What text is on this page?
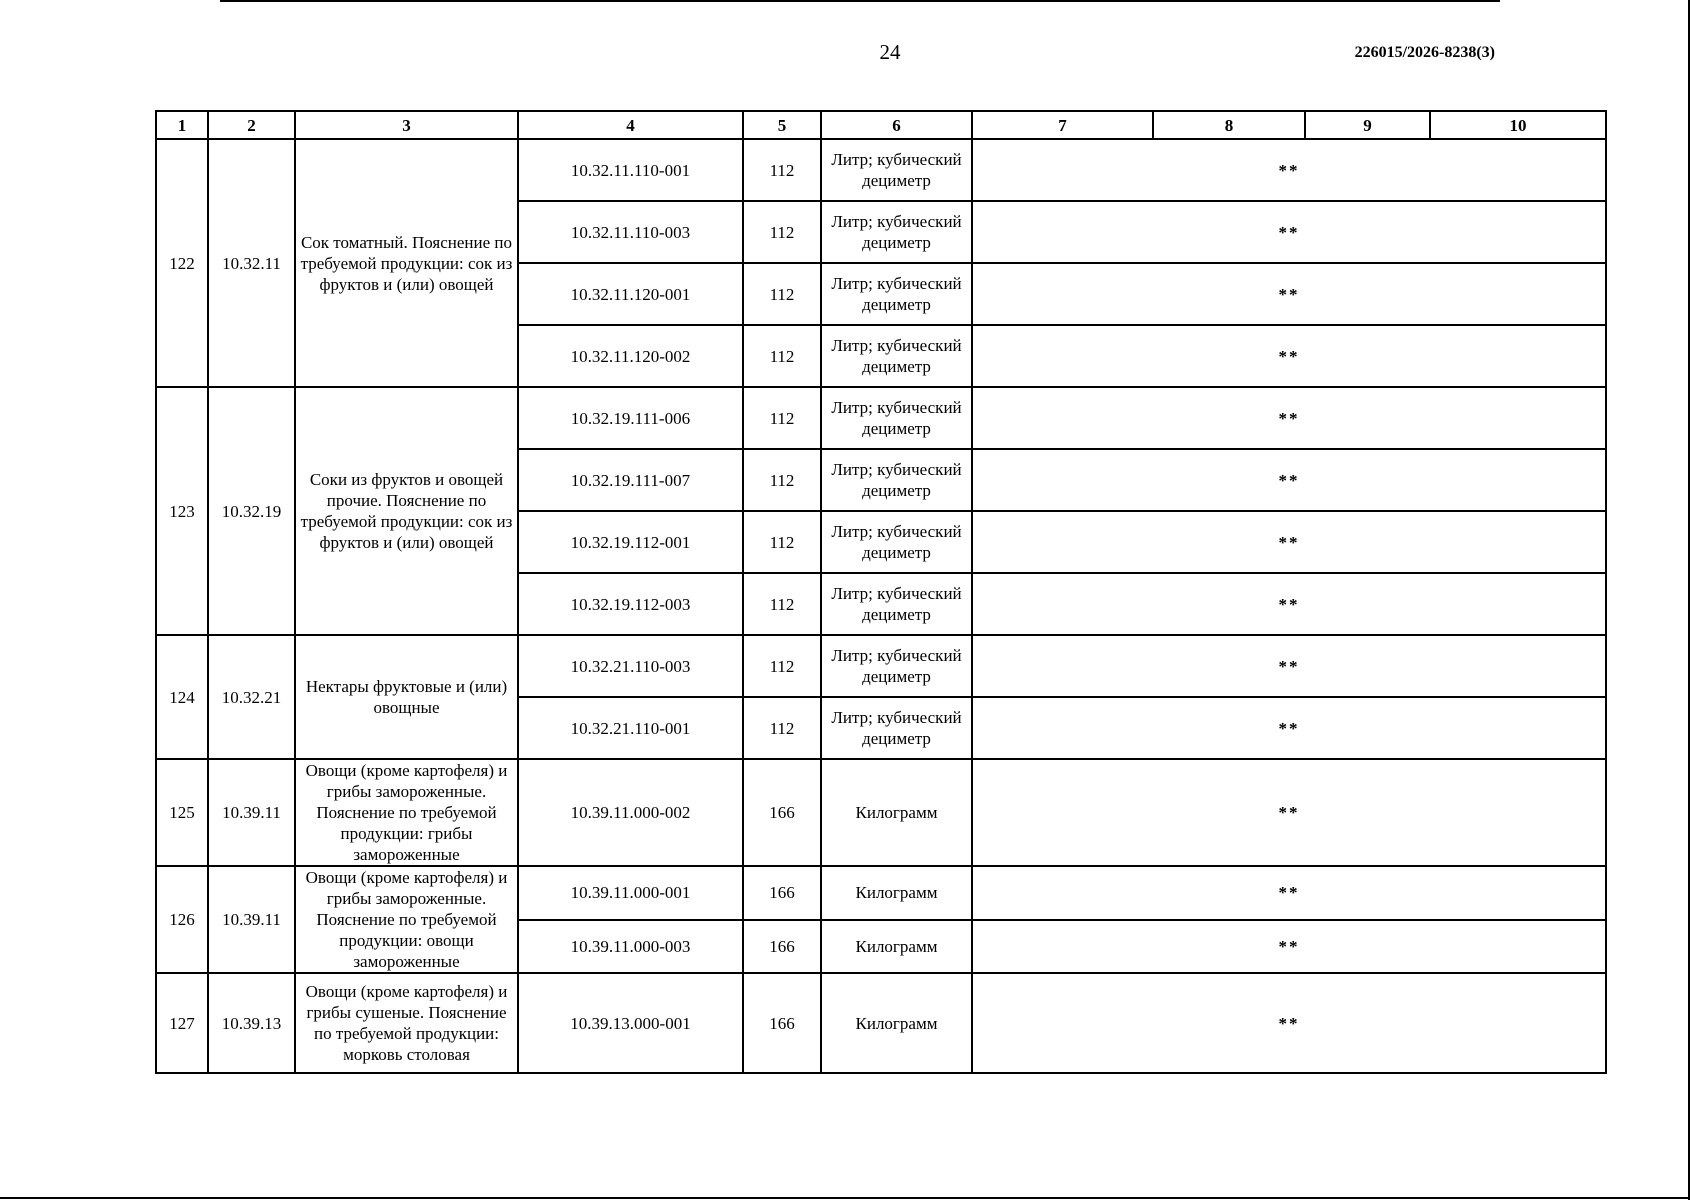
24	226015/2026-8238(3)
1	2	3	4	5	6	7	8	9	10
122	10.32.11	Сок томатный. Пояснение по требуемой продукции: сок из фруктов и (или) овощей	10.32.11.110-001	112	Литр; кубический дециметр	**			
			10.32.11.110-003	112	Литр; кубический дециметр	**			
			10.32.11.120-001	112	Литр; кубический дециметр	**			
			10.32.11.120-002	112	Литр; кубический дециметр	**			
123	10.32.19	Соки из фруктов и овощей прочие. Пояснение по требуемой продукции: сок из фруктов и (или) овощей	10.32.19.111-006	112	Литр; кубический дециметр	**			
			10.32.19.111-007	112	Литр; кубический дециметр	**			
			10.32.19.112-001	112	Литр; кубический дециметр	**			
			10.32.19.112-003	112	Литр; кубический дециметр	**			
124	10.32.21	Нектары фруктовые и (или) овощные	10.32.21.110-003	112	Литр; кубический дециметр	**			
			10.32.21.110-001	112	Литр; кубический дециметр	**			
125	10.39.11	Овощи (кроме картофеля) и грибы замороженные. Пояснение по требуемой продукции: грибы замороженные	10.39.11.000-002	166	Килограмм	**			
126	10.39.11	Овощи (кроме картофеля) и грибы замороженные. Пояснение по требуемой продукции: овощи замороженные	10.39.11.000-001	166	Килограмм	**			
			10.39.11.000-003	166	Килограмм	**			
127	10.39.13	Овощи (кроме картофеля) и грибы сушеные. Пояснение по требуемой продукции: морковь столовая	10.39.13.000-001	166	Килограмм	**			
